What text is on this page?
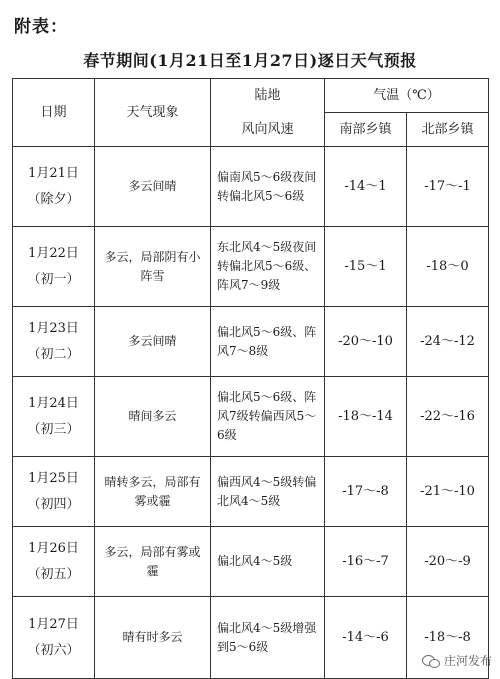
附表：
春节期间(1月21日至1月27日)逐日天气预报
日期	天气现象	陆地	气温（℃）	
		风向风速	南部乡镇	北部乡镇

1月21日
（除夕）	多云间晴	偏南风5～6级夜间转偏北风5～6级	-14～1	-17～-1

1月22日
（初一）	多云，局部阴有小阵雪	东北风4～5级夜间转偏北风5～6级、阵风7～9级	-15～1	-18～0

1月23日
（初二）	多云间晴	偏北风5～6级、阵风7～8级	-20～-10	-24～-12

1月24日
（初三）	晴间多云	偏北风5～6级、阵风7级转偏西风5～6级	-18～-14	-22～-16

1月25日
（初四）	晴转多云，局部有雾或霾	偏西风4～5级转偏北风4～5级	-17～-8	-21～-10

1月26日
（初五）	多云，局部有雾或霾	偏北风4～5级	-16～-7	-20～-9

1月27日
（初六）	晴有时多云	偏北风4～5级增强到5～6级	-14～-6	-18～-8
庄河发布
